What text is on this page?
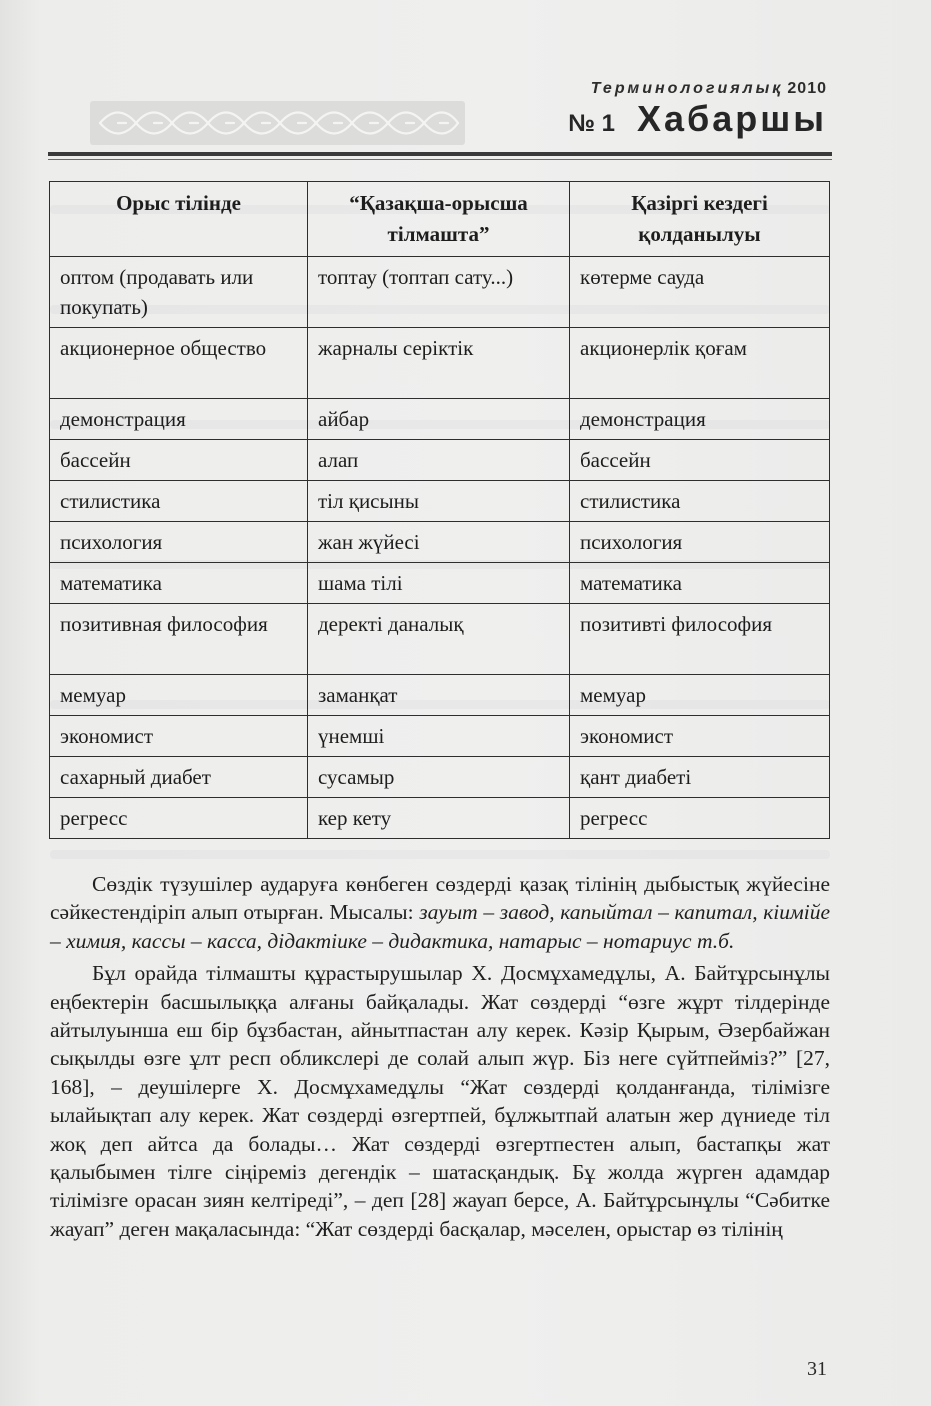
Терминологиялық 2010
№ 1 Хабаршы
Орыс тілінде	“Қазақша-орысша тілмашта”	Қазіргі кездегі қолданылуы
оптом (продавать или покупать)	топтау (топтап сату...)	көтерме сауда
акционерное общество	жарналы серіктік	акционерлік қоғам
демонстрация	айбар	демонстрация
бассейн	алап	бассейн
стилистика	тіл қисыны	стилистика
психология	жан жүйесі	психология
математика	шама тілі	математика
позитивная философия	деректі даналық	позитивті философия
мемуар	заманқат	мемуар
экономист	үнемші	экономист
сахарный диабет	сусамыр	қант диабеті
регресс	кер кету	регресс

Сөздік түзушілер аударуға көнбеген сөздерді қазақ тілінің дыбыстық жүйесіне сәйкестендіріп алып отырған. Мысалы: зауыт – завод, капыйтал – капитал, кіимійе – химия, кассы – касса, дідактіике – дидактика, натарыс – нотариус т.б.

Бұл орайда тілмашты құрастырушылар Х. Досмұхамедұлы, А. Байтұрсынұлы еңбектерін басшылыққа алғаны байқалады. Жат сөздерді “өзге жұрт тілдерінде айтылуынша еш бір бұзбастан, айнытпастан алу керек. Кәзір Қырым, Әзербайжан сықылды өзге ұлт респ обликслері де солай алып жүр. Біз неге сүйтпейміз?” [27, 168], – деушілерге Х. Досмұхамедұлы “Жат сөздерді қолданғанда, тілімізге ылайықтап алу керек. Жат сөздерді өзгертпей, бұлжытпай алатын жер дүниеде тіл жоқ деп айтса да болады… Жат сөздерді өзгертпестен алып, бастапқы жат қалыбымен тілге сіңіреміз дегендік – шатасқандық. Бұ жолда жүрген адамдар тілімізге орасан зиян келтіреді”, – деп [28] жауап берсе, А. Байтұрсынұлы “Сәбитке жауап” деген мақаласында: “Жат сөздерді басқалар, мәселен, орыстар өз тілінің

31
